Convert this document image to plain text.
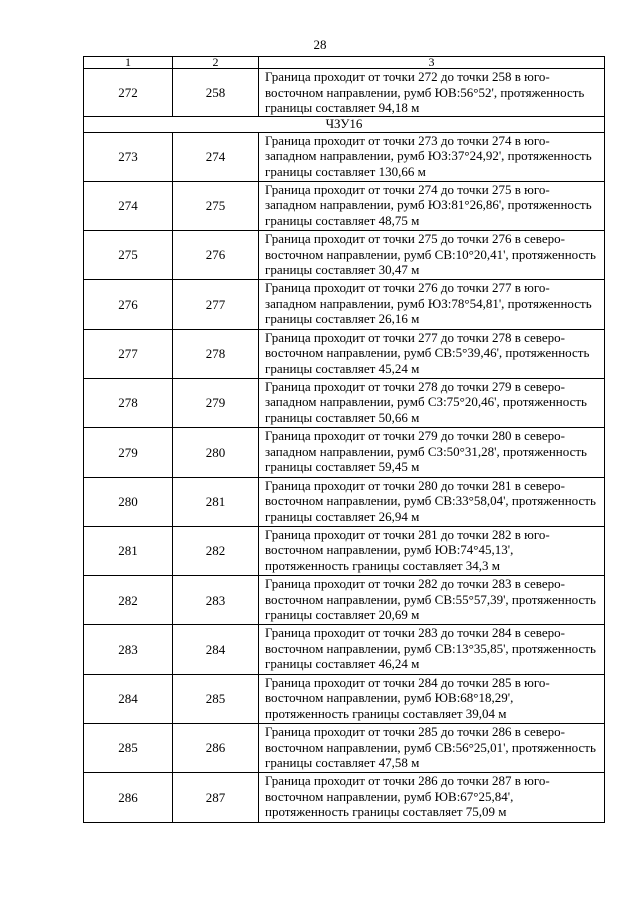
28
1	2	3
272	258	Граница проходит от точки 272 до точки 258 в юго-
восточном направлении, румб ЮВ:56°52', протяженность
границы составляет 94,18 м
ЧЗУ16		
273	274	Граница проходит от точки 273 до точки 274 в юго-
западном направлении, румб ЮЗ:37°24,92', протяженность
границы составляет 130,66 м
274	275	Граница проходит от точки 274 до точки 275 в юго-
западном направлении, румб ЮЗ:81°26,86', протяженность
границы составляет 48,75 м
275	276	Граница проходит от точки 275 до точки 276 в северо-
восточном направлении, румб СВ:10°20,41', протяженность
границы составляет 30,47 м
276	277	Граница проходит от точки 276 до точки 277 в юго-
западном направлении, румб ЮЗ:78°54,81', протяженность
границы составляет 26,16 м
277	278	Граница проходит от точки 277 до точки 278 в северо-
восточном направлении, румб СВ:5°39,46', протяженность
границы составляет 45,24 м
278	279	Граница проходит от точки 278 до точки 279 в северо-
западном направлении, румб СЗ:75°20,46', протяженность
границы составляет 50,66 м
279	280	Граница проходит от точки 279 до точки 280 в северо-
западном направлении, румб СЗ:50°31,28', протяженность
границы составляет 59,45 м
280	281	Граница проходит от точки 280 до точки 281 в северо-
восточном направлении, румб СВ:33°58,04', протяженность
границы составляет 26,94 м
281	282	Граница проходит от точки 281 до точки 282 в юго-
восточном направлении, румб ЮВ:74°45,13',
протяженность границы составляет 34,3 м
282	283	Граница проходит от точки 282 до точки 283 в северо-
восточном направлении, румб СВ:55°57,39', протяженность
границы составляет 20,69 м
283	284	Граница проходит от точки 283 до точки 284 в северо-
восточном направлении, румб СВ:13°35,85', протяженность
границы составляет 46,24 м
284	285	Граница проходит от точки 284 до точки 285 в юго-
восточном направлении, румб ЮВ:68°18,29',
протяженность границы составляет 39,04 м
285	286	Граница проходит от точки 285 до точки 286 в северо-
восточном направлении, румб СВ:56°25,01', протяженность
границы составляет 47,58 м
286	287	Граница проходит от точки 286 до точки 287 в юго-
восточном направлении, румб ЮВ:67°25,84',
протяженность границы составляет 75,09 м
